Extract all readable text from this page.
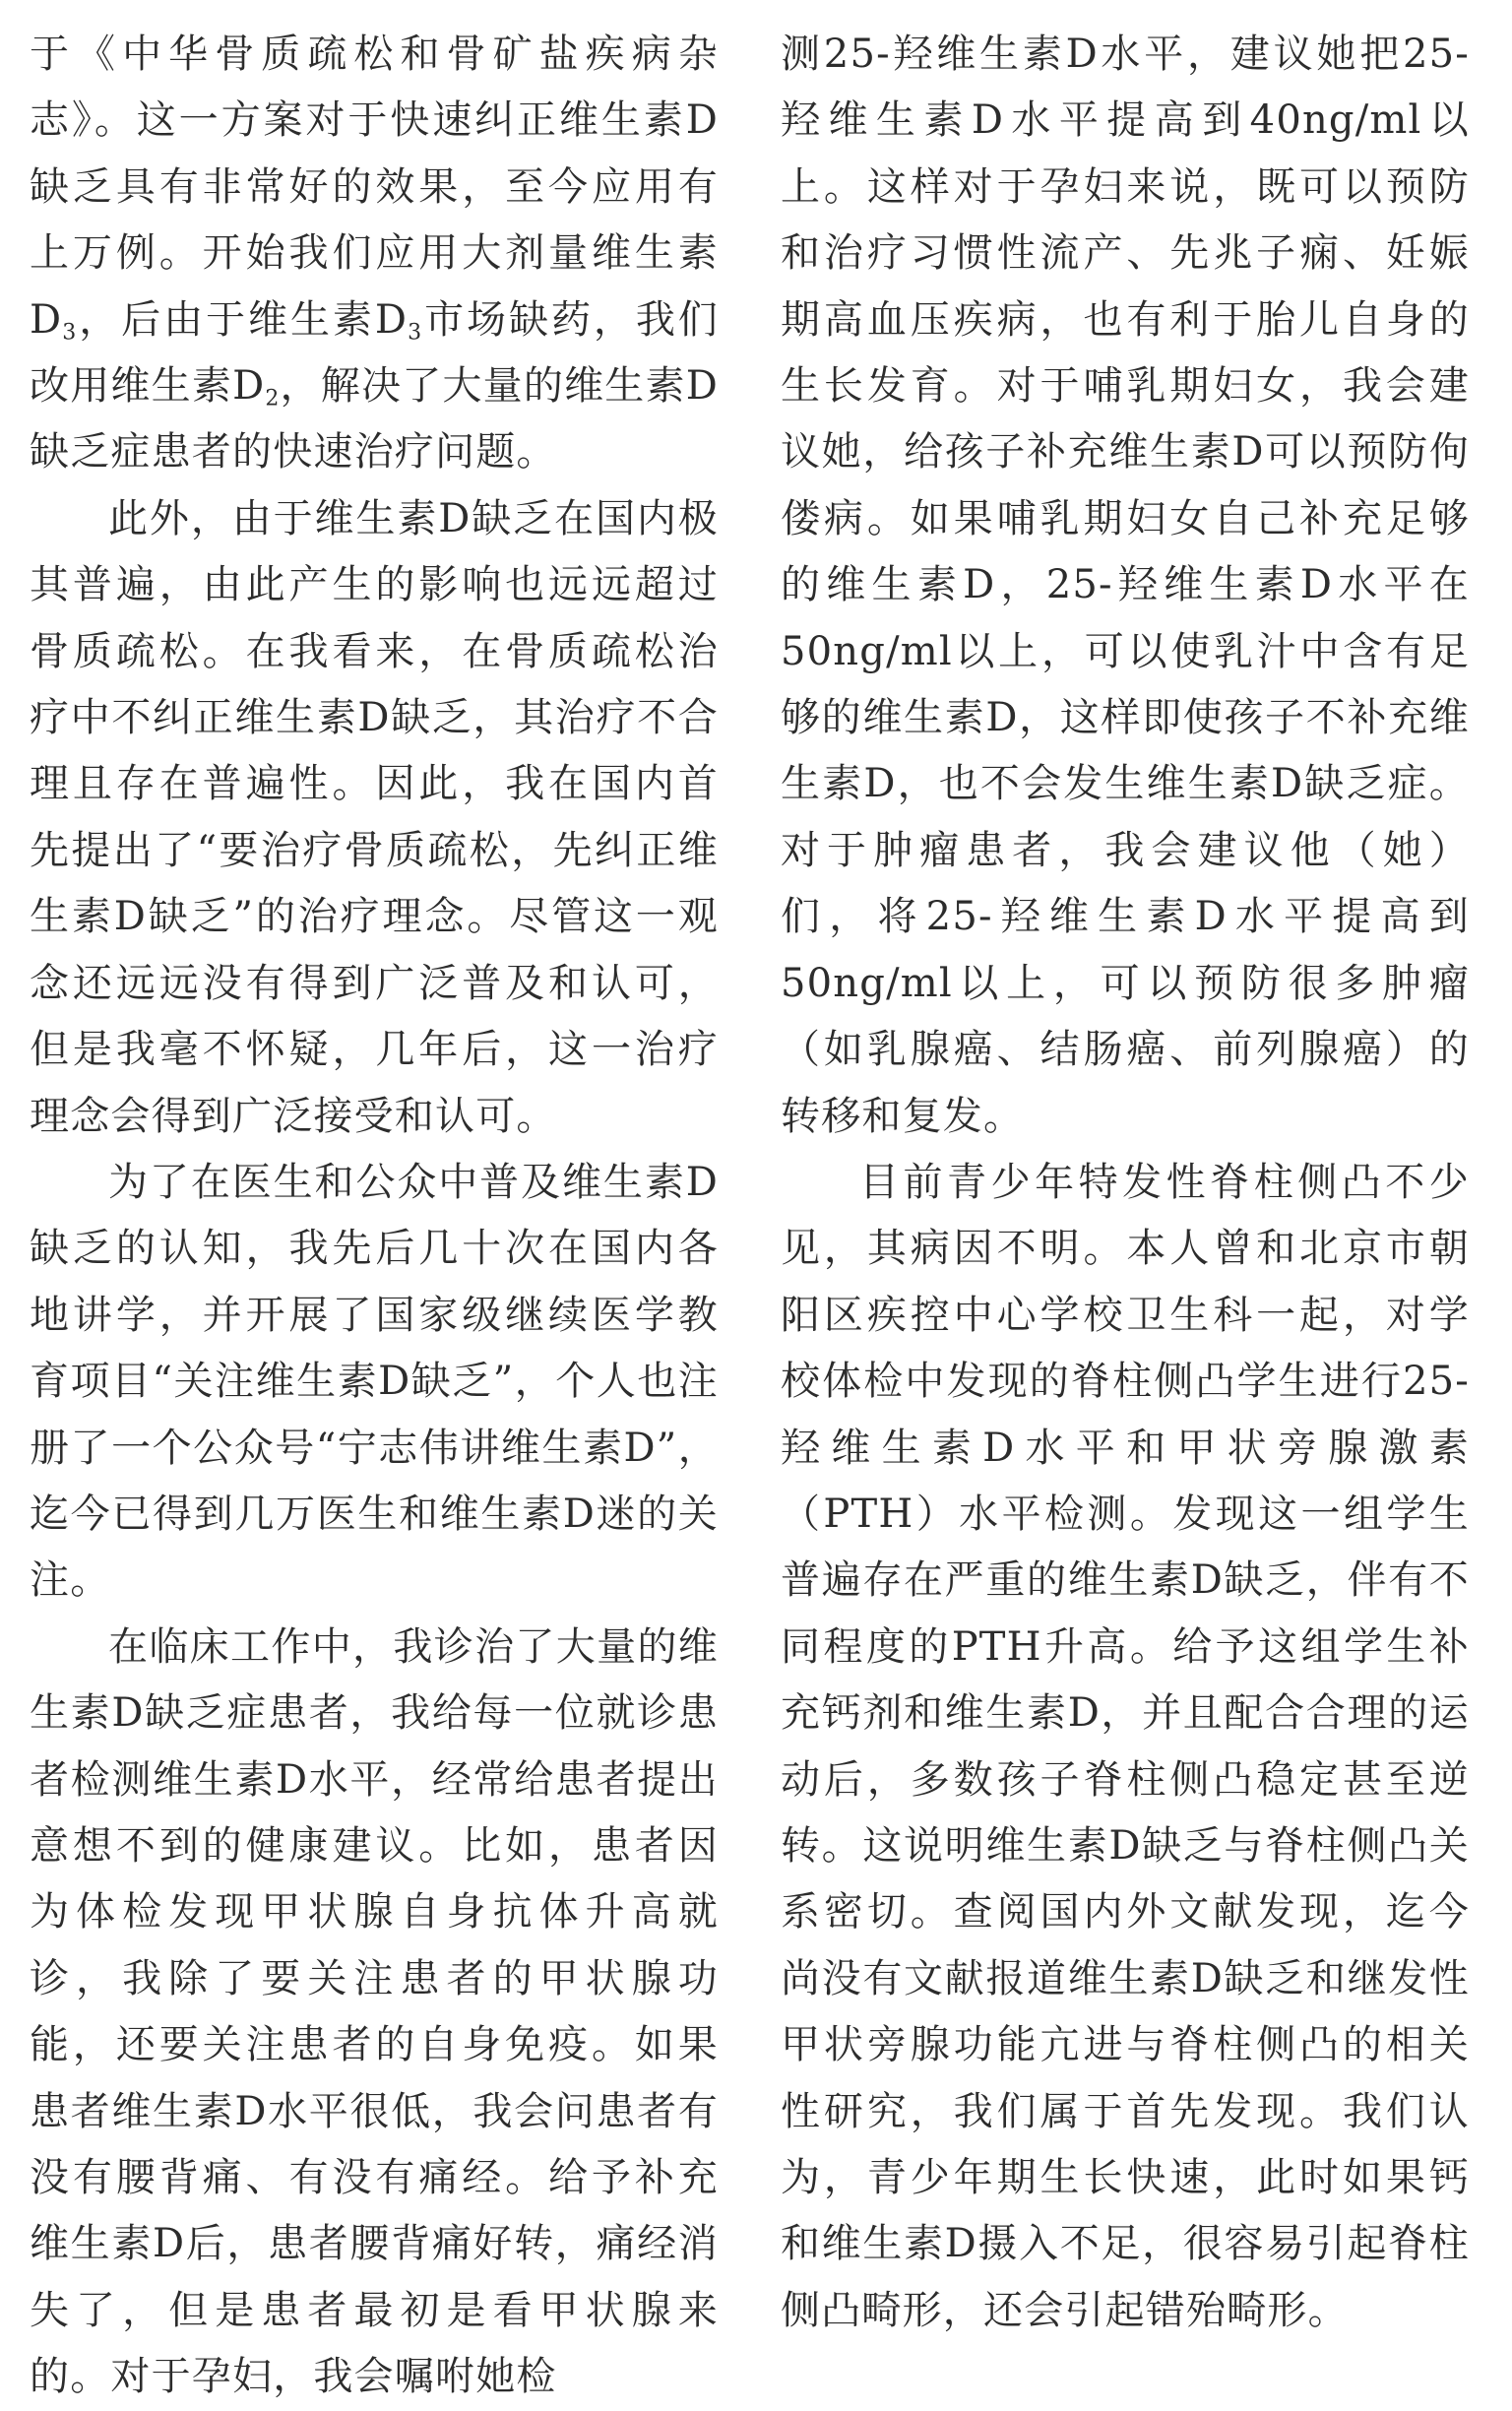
于《中华骨质疏松和骨矿盐疾病杂志》。这一方案对于快速纠正维生素D缺乏具有非常好的效果，至今应用有上万例。开始我们应用大剂量维生素$D_3$，后由于维生素$D_3$市场缺药，我们改用维生素$D_2$，解决了大量的维生素D缺乏症患者的快速治疗问题。

此外，由于维生素D缺乏在国内极其普遍，由此产生的影响也远远超过骨质疏松。在我看来，在骨质疏松治疗中不纠正维生素D缺乏，其治疗不合理且存在普遍性。因此，我在国内首先提出了“要治疗骨质疏松，先纠正维生素D缺乏”的治疗理念。尽管这一观念还远远没有得到广泛普及和认可，但是我毫不怀疑，几年后，这一治疗理念会得到广泛接受和认可。

为了在医生和公众中普及维生素D缺乏的认知，我先后几十次在国内各地讲学，并开展了国家级继续医学教育项目“关注维生素D缺乏”，个人也注册了一个公众号“宁志伟讲维生素D”，迄今已得到几万医生和维生素D迷的关注。

在临床工作中，我诊治了大量的维生素D缺乏症患者，我给每一位就诊患者检测维生素D水平，经常给患者提出意想不到的健康建议。比如，患者因为体检发现甲状腺自身抗体升高就诊，我除了要关注患者的甲状腺功能，还要关注患者的自身免疫。如果患者维生素D水平很低，我会问患者有没有腰背痛、有没有痛经。给予补充维生素D后，患者腰背痛好转，痛经消失了，但是患者最初是看甲状腺来的。对于孕妇，我会嘱咐她检

测25-羟维生素D水平，建议她把25-羟维生素D水平提高到40ng/ml以上。这样对于孕妇来说，既可以预防和治疗习惯性流产、先兆子痫、妊娠期高血压疾病，也有利于胎儿自身的生长发育。对于哺乳期妇女，我会建议她，给孩子补充维生素D可以预防佝偻病。如果哺乳期妇女自己补充足够的维生素D，25-羟维生素D水平在50ng/ml以上，可以使乳汁中含有足够的维生素D，这样即使孩子不补充维生素D，也不会发生维生素D缺乏症。对于肿瘤患者，我会建议他（她）们，将25-羟维生素D水平提高到50ng/ml以上，可以预防很多肿瘤（如乳腺癌、结肠癌、前列腺癌）的转移和复发。

目前青少年特发性脊柱侧凸不少见，其病因不明。本人曾和北京市朝阳区疾控中心学校卫生科一起，对学校体检中发现的脊柱侧凸学生进行25-羟维生素D水平和甲状旁腺激素（PTH）水平检测。发现这一组学生普遍存在严重的维生素D缺乏，伴有不同程度的PTH升高。给予这组学生补充钙剂和维生素D，并且配合合理的运动后，多数孩子脊柱侧凸稳定甚至逆转。这说明维生素D缺乏与脊柱侧凸关系密切。查阅国内外文献发现，迄今尚没有文献报道维生素D缺乏和继发性甲状旁腺功能亢进与脊柱侧凸的相关性研究，我们属于首先发现。我们认为，青少年期生长快速，此时如果钙和维生素D摄入不足，很容易引起脊柱侧凸畸形，还会引起错殆畸形。
